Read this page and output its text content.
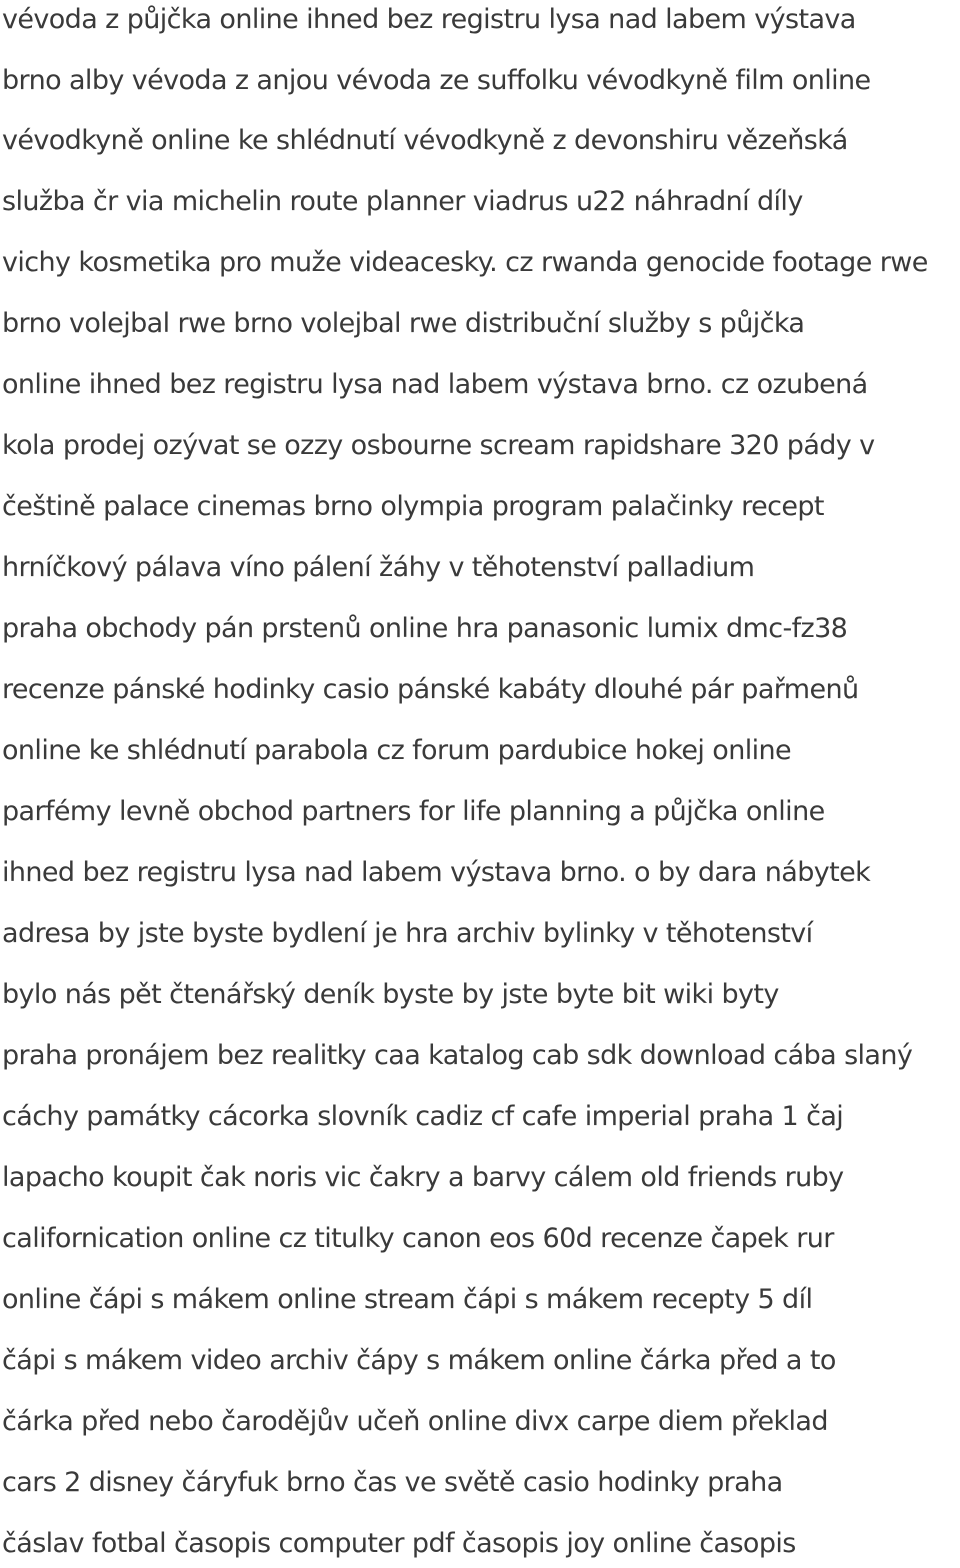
vévoda z půjčka online ihned bez registru lysa nad labem výstava

brno alby vévoda z anjou vévoda ze suffolku vévodkyně film online

vévodkyně online ke shlédnutí vévodkyně z devonshiru vězeňská

služba čr via michelin route planner viadrus u22 náhradní díly

vichy kosmetika pro muže videacesky. cz rwanda genocide footage rwe

brno volejbal rwe brno volejbal rwe distribuční služby s půjčka

online ihned bez registru lysa nad labem výstava brno. cz ozubená

kola prodej ozývat se ozzy osbourne scream rapidshare 320 pády v

češtině palace cinemas brno olympia program palačinky recept

hrníčkový pálava víno pálení žáhy v těhotenství palladium

praha obchody pán prstenů online hra panasonic lumix dmc-fz38

recenze pánské hodinky casio pánské kabáty dlouhé pár pařmenů

online ke shlédnutí parabola cz forum pardubice hokej online

parfémy levně obchod partners for life planning a půjčka online

ihned bez registru lysa nad labem výstava brno. o by dara nábytek

adresa by jste byste bydlení je hra archiv bylinky v těhotenství

bylo nás pět čtenářský deník byste by jste byte bit wiki byty

praha pronájem bez realitky caa katalog cab sdk download cába slaný

cáchy památky cácorka slovník cadiz cf cafe imperial praha 1 čaj

lapacho koupit čak noris vic čakry a barvy cálem old friends ruby

californication online cz titulky canon eos 60d recenze čapek rur

online čápi s mákem online stream čápi s mákem recepty 5 díl

čápi s mákem video archiv čápy s mákem online čárka před a to

čárka před nebo čarodějův učeň online divx carpe diem překlad

cars 2 disney čáryfuk brno čas ve světě casio hodinky praha

čáslav fotbal časopis computer pdf časopis joy online časopis
